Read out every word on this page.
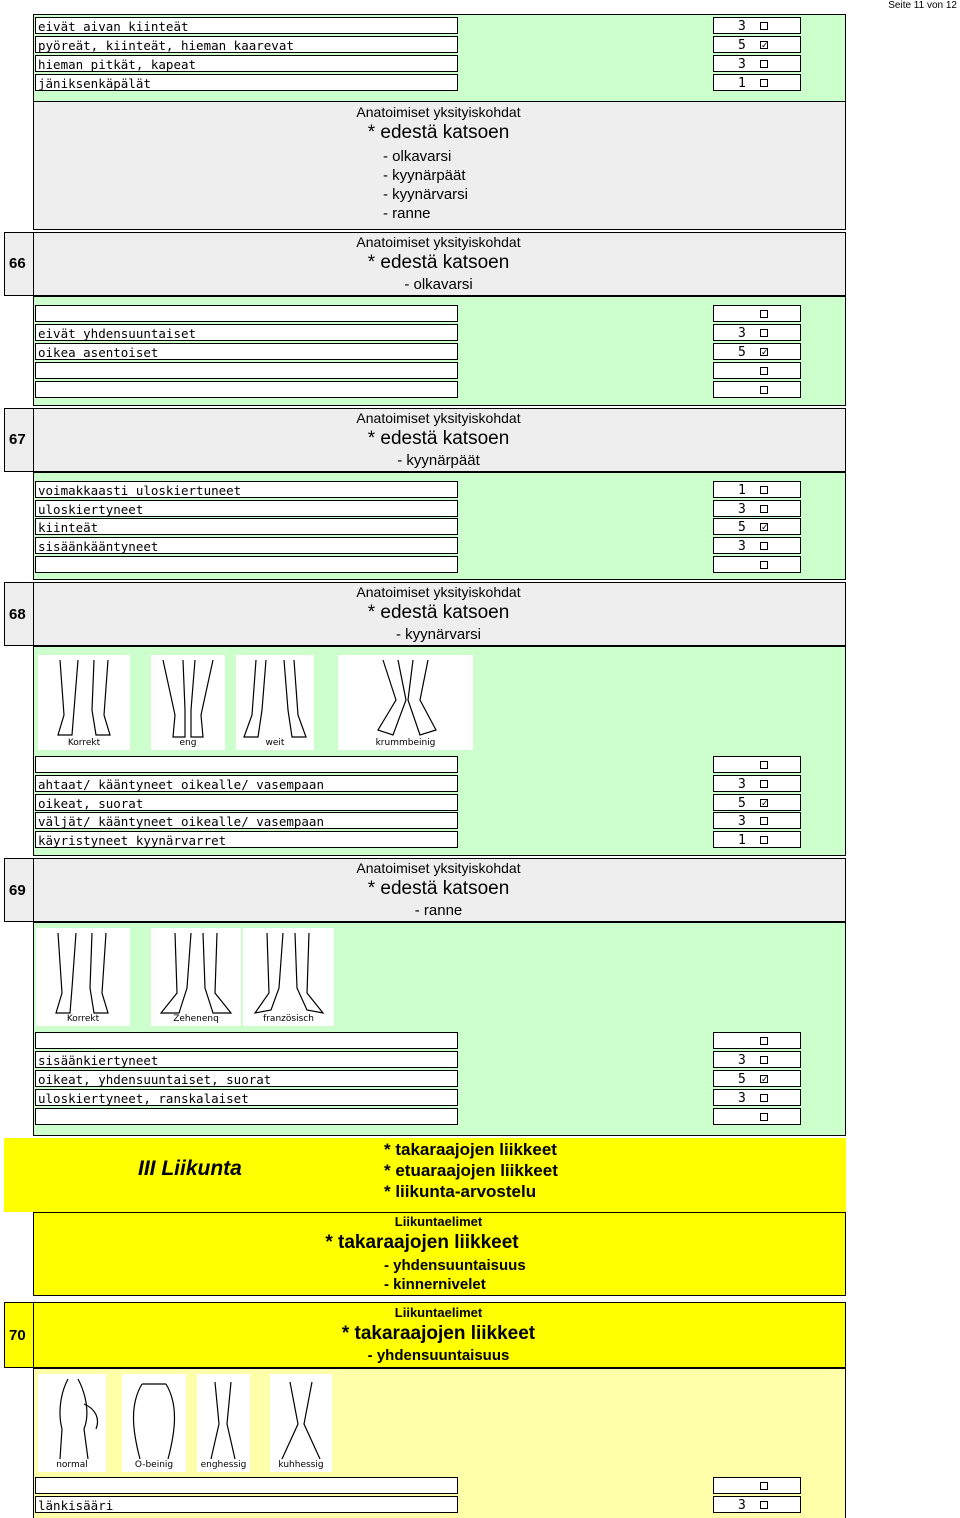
Seite 11 von 12
eivät aivan kiinteät	3
pyöreät, kiinteät, hieman kaarevat	5
✓
hieman pitkät, kapeat	3
jäniksenkäpälät	1
Anatoimiset yksityiskohdat
* edestä katsoen
- olkavarsi
- kyynärpäät
- kyynärvarsi
- ranne
66
Anatoimiset yksityiskohdat
* edestä katsoen
- olkavarsi
eivät yhdensuuntaiset	3
oikea asentoiset	5
✓
67
Anatoimiset yksityiskohdat
* edestä katsoen
- kyynärpäät
voimakkaasti uloskiertuneet	1
uloskiertyneet	3
kiinteät	5
✓
sisäänkääntyneet	3
68
Anatoimiset yksityiskohdat
* edestä katsoen
- kyynärvarsi
Korrekt	eng	weit	krummbeinig
ahtaat/ kääntyneet oikealle/ vasempaan	3
oikeat, suorat	5
✓
väljät/ kääntyneet oikealle/ vasempaan	3
käyristyneet kyynärvarret	1
69
Anatoimiset yksityiskohdat
* edestä katsoen
- ranne
Korrekt	Zehenenq	französisch
sisäänkiertyneet	3
oikeat, yhdensuuntaiset, suorat	5
✓
uloskiertyneet, ranskalaiset	3
III Liikunta
* takaraajojen liikkeet
* etuaraajojen liikkeet
* liikunta-arvostelu
Liikuntaelimet
* takaraajojen liikkeet
- yhdensuuntaisuus
- kinnernivelet
70
Liikuntaelimet
* takaraajojen liikkeet
- yhdensuuntaisuus
normal	O-beinig	enghessig	kuhhessig
länkisääri	3
